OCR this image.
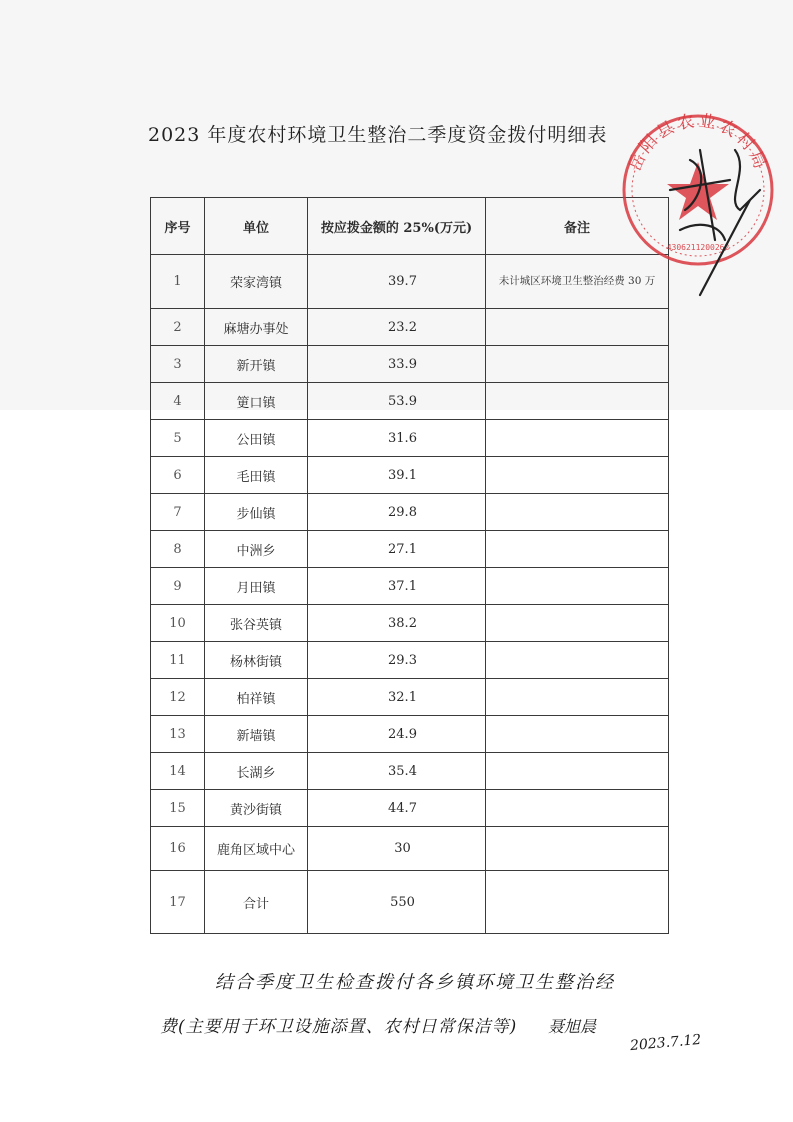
2023 年度农村环境卫生整治二季度资金拨付明细表
序号	单位	按应拨金额的 25%(万元)	备注
1	荣家湾镇	39.7	未计城区环境卫生整治经费 30 万
2	麻塘办事处	23.2	
3	新开镇	33.9	
4	筻口镇	53.9	
5	公田镇	31.6	
6	毛田镇	39.1	
7	步仙镇	29.8	
8	中洲乡	27.1	
9	月田镇	37.1	
10	张谷英镇	38.2	
11	杨林街镇	29.3	
12	柏祥镇	32.1	
13	新墙镇	24.9	
14	长湖乡	35.4	
15	黄沙街镇	44.7	
16	鹿角区域中心	30	
17	合计	550	
岳阳县农业农村局
4306211200262
结合季度卫生检查拨付各乡镇环境卫生整治经
费(主要用于环卫设施添置、农村日常保洁等) 聂旭晨
2023.7.12
